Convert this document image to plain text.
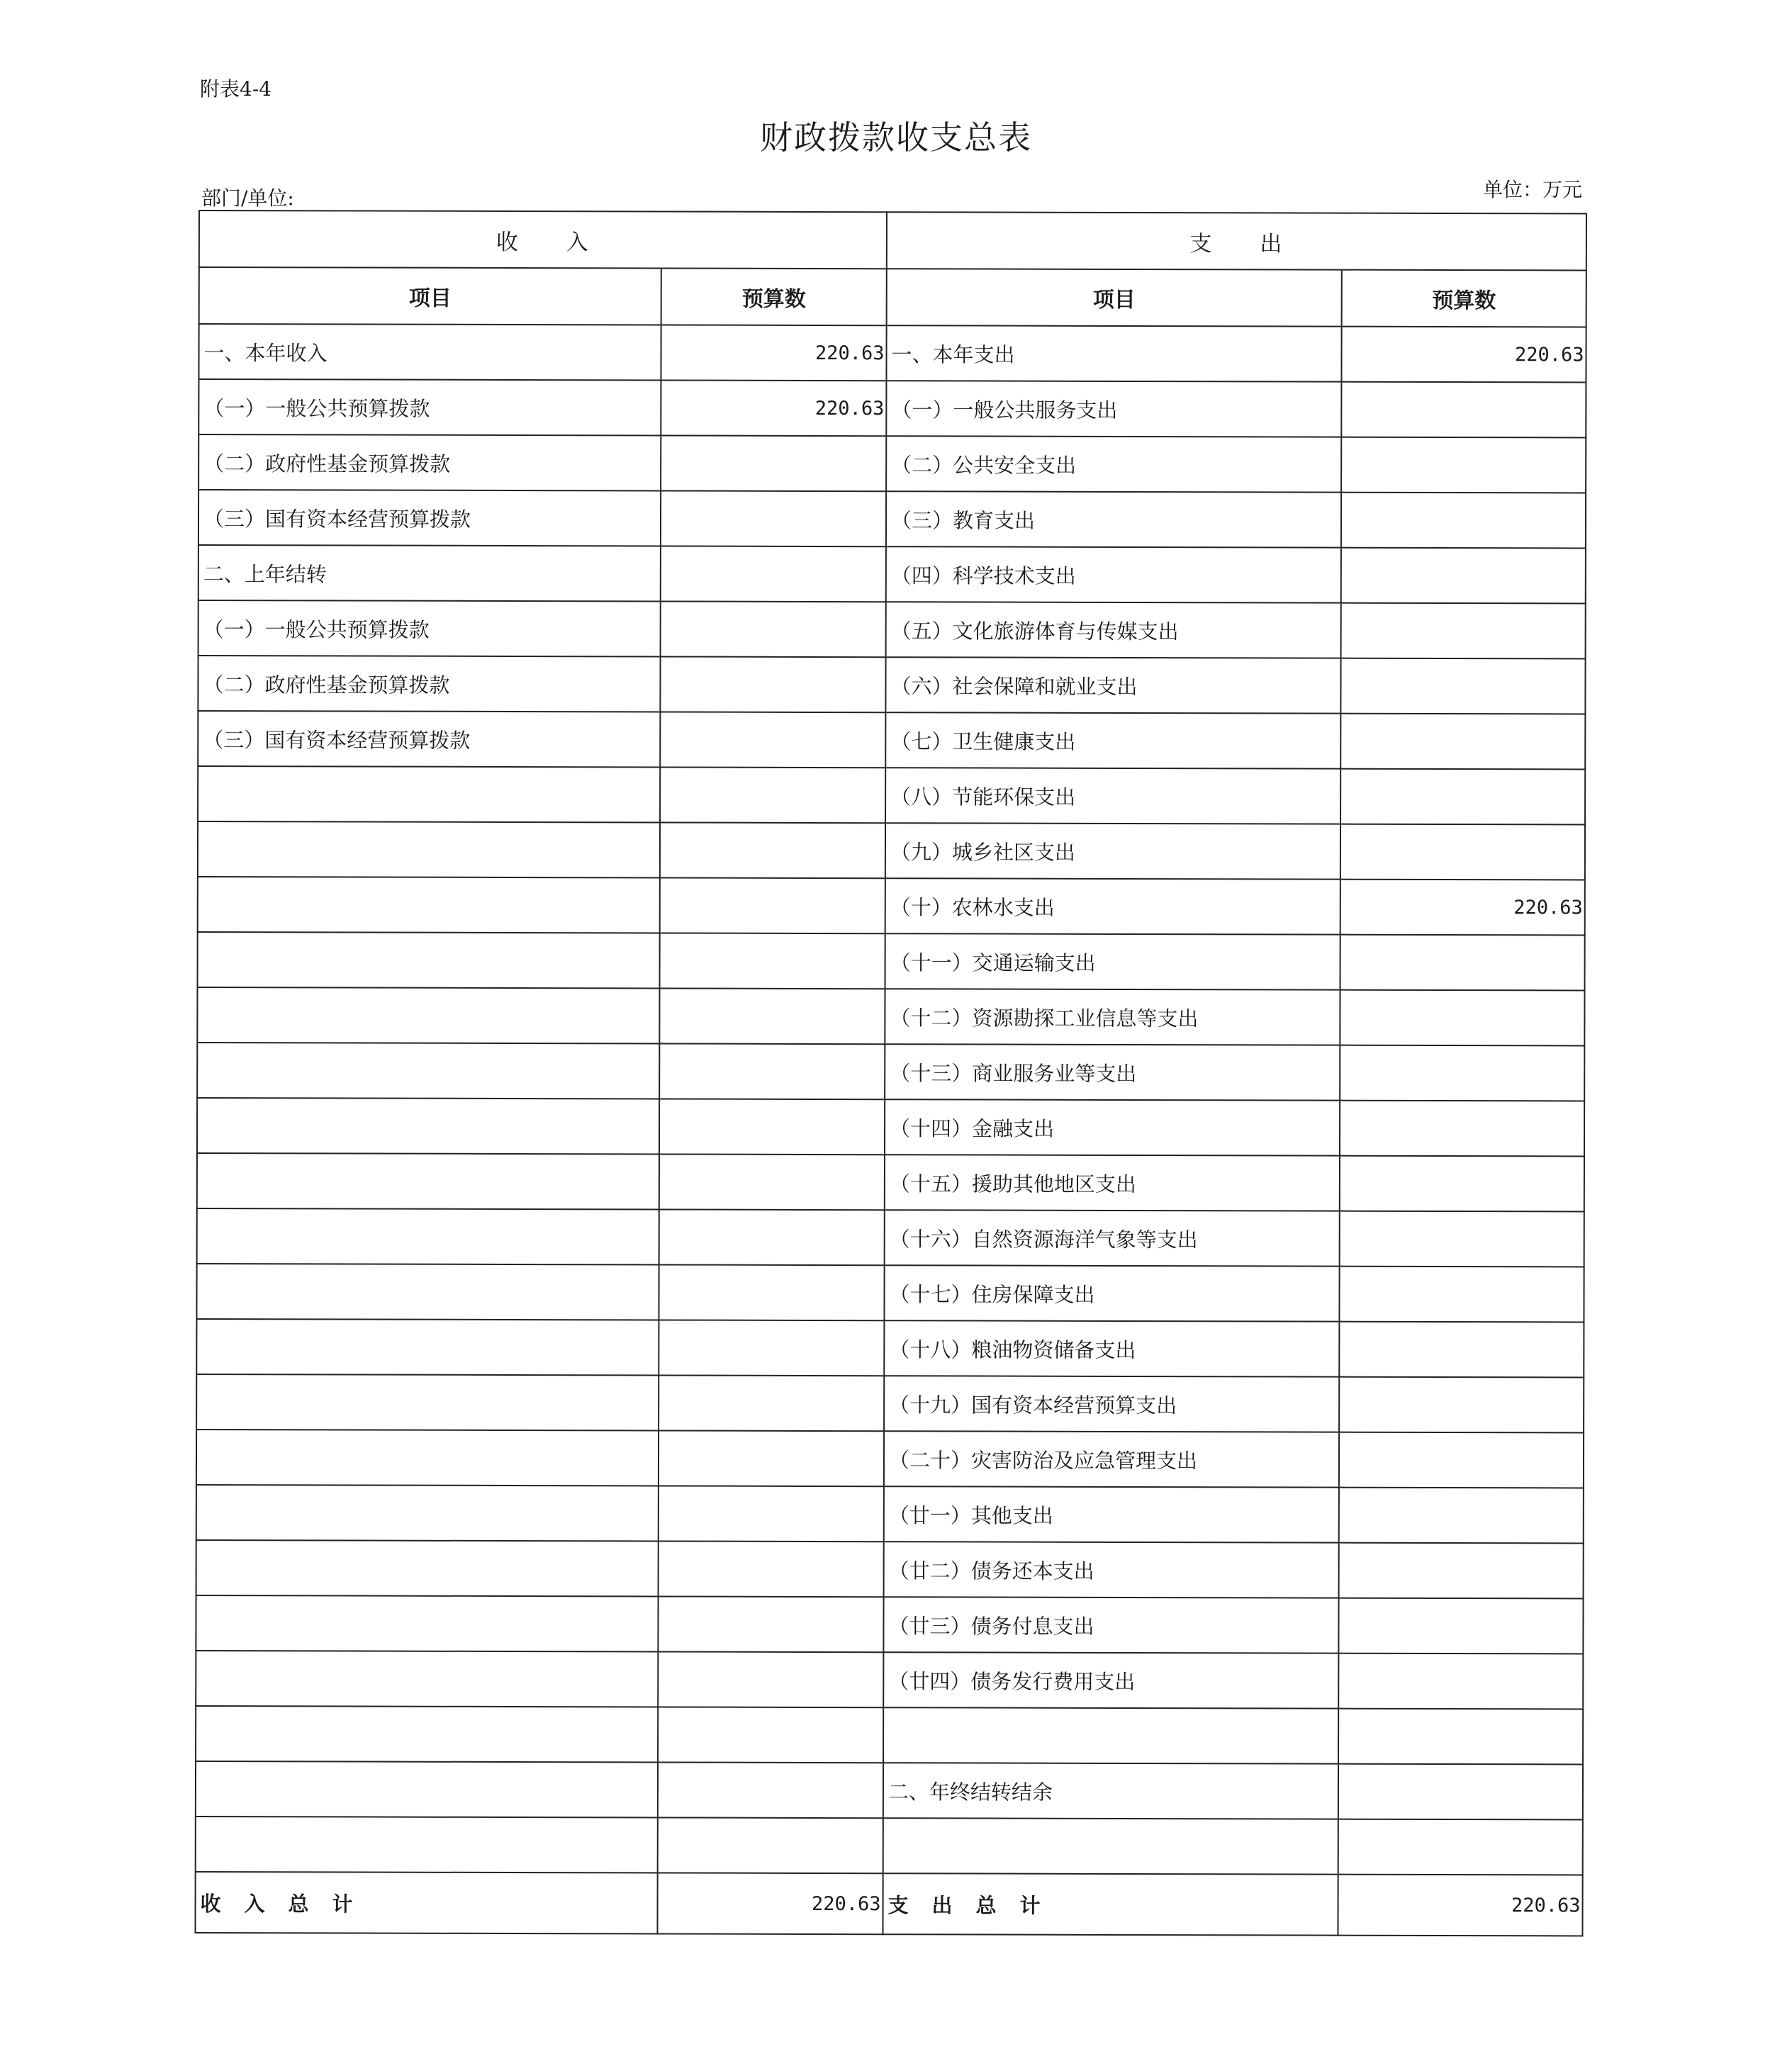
附表4-4
财政拨款收支总表
部门/单位:	单位：万元
收　　入		支　　出	
项目	预算数	项目	预算数
一、本年收入	220.63	一、本年支出	220.63
（一）一般公共预算拨款	220.63	（一）一般公共服务支出	
（二）政府性基金预算拨款		（二）公共安全支出	
（三）国有资本经营预算拨款		（三）教育支出	
二、上年结转		（四）科学技术支出	
（一）一般公共预算拨款		（五）文化旅游体育与传媒支出	
（二）政府性基金预算拨款		（六）社会保障和就业支出	
（三）国有资本经营预算拨款		（七）卫生健康支出	
		（八）节能环保支出	
		（九）城乡社区支出	
		（十）农林水支出	220.63
		（十一）交通运输支出	
		（十二）资源勘探工业信息等支出	
		（十三）商业服务业等支出	
		（十四）金融支出	
		（十五）援助其他地区支出	
		（十六）自然资源海洋气象等支出	
		（十七）住房保障支出	
		（十八）粮油物资储备支出	
		（十九）国有资本经营预算支出	
		（二十）灾害防治及应急管理支出	
		（廿一）其他支出	
		（廿二）债务还本支出	
		（廿三）债务付息支出	
		（廿四）债务发行费用支出	

		二、年终结转结余	

收　入　总　计	220.63	支　出　总　计	220.63
